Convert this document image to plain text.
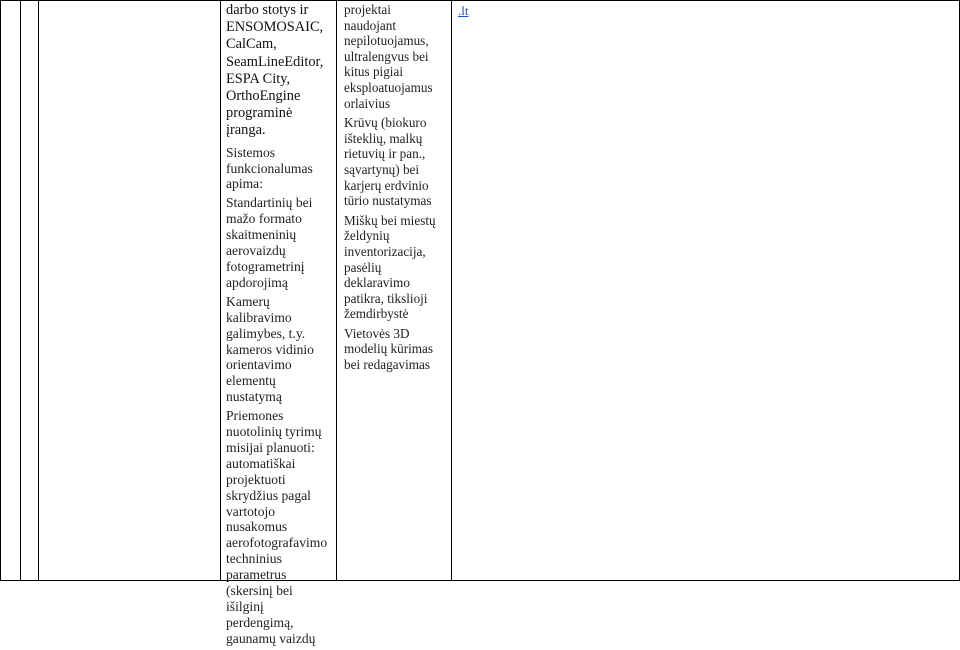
darbo stotys ir ENSOMOSAIC, CalCam, SeamLineEditor, ESPA City, OrthoEngine programinė įranga.

Sistemos funkcionalumas apima:

Standartinių bei mažo formato skaitmeninių aerovaizdų fotogrametrinį apdorojimą

Kamerų kalibravimo galimybes, t.y. kameros vidinio orientavimo elementų nustatymą

Priemones nuotolinių tyrimų misijai planuoti: automatiškai projektuoti skrydžius pagal vartotojo nusakomus aerofotografavimo techninius parametrus (skersinį bei išilginį perdengimą, gaunamų vaizdų

projektai naudojant nepilotuojamus, ultralengvus bei kitus pigiai eksploatuojamus orlaivius

Krūvų (biokuro išteklių, malkų rietuvių ir pan., sąvartynų) bei karjerų erdvinio tūrio nustatymas

Miškų bei miestų želdynių inventorizacija, pasėlių deklaravimo patikra, tikslioji žemdirbystė

Vietovės 3D modelių kūrimas bei redagavimas

.lt
